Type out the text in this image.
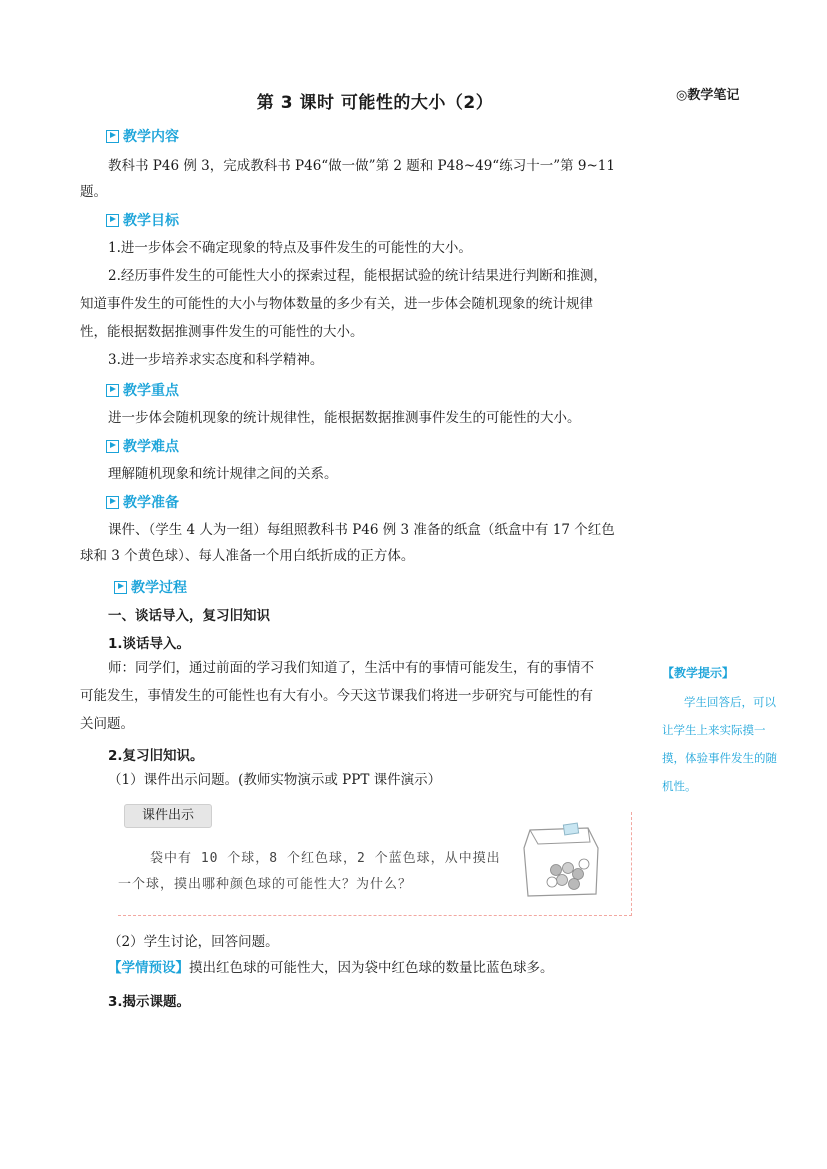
第 3 课时 可能性的大小（2）	◎教学笔记
教学内容
教科书 P46 例 3，完成教科书 P46“做一做”第 2 题和 P48~49“练习十一”第 9~11
题。
教学目标
1.进一步体会不确定现象的特点及事件发生的可能性的大小。
2.经历事件发生的可能性大小的探索过程，能根据试验的统计结果进行判断和推测，
知道事件发生的可能性的大小与物体数量的多少有关，进一步体会随机现象的统计规律
性，能根据数据推测事件发生的可能性的大小。
3.进一步培养求实态度和科学精神。
教学重点
进一步体会随机现象的统计规律性，能根据数据推测事件发生的可能性的大小。
教学难点
理解随机现象和统计规律之间的关系。
教学准备
课件、（学生 4 人为一组）每组照教科书 P46 例 3 准备的纸盒（纸盒中有 17 个红色
球和 3 个黄色球）、每人准备一个用白纸折成的正方体。
教学过程
一、谈话导入，复习旧知识
1.谈话导入。
师：同学们，通过前面的学习我们知道了，生活中有的事情可能发生，有的事情不
可能发生，事情发生的可能性也有大有小。今天这节课我们将进一步研究与可能性的有
关问题。
2.复习旧知识。
（1）课件出示问题。(教师实物演示或 PPT 课件演示）
课件出示
袋中有 10 个球，8 个红色球，2 个蓝色球，从中摸出一个球，摸出哪种颜色球的可能性大？为什么？
（2）学生讨论，回答问题。
【学情预设】摸出红色球的可能性大，因为袋中红色球的数量比蓝色球多。
3.揭示课题。
【教学提示】
学生回答后，可以让学生上来实际摸一摸，体验事件发生的随机性。
